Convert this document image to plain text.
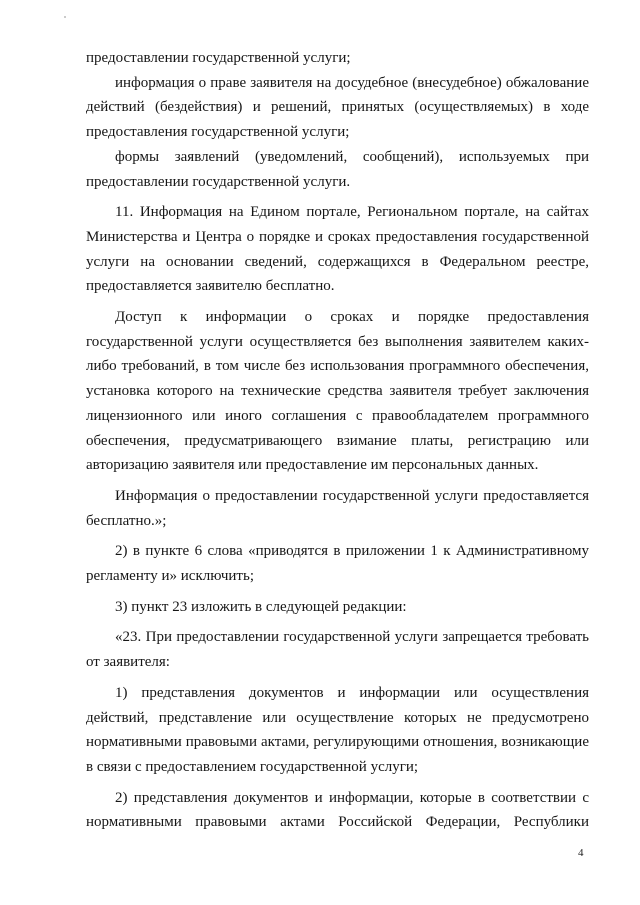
предоставлении государственной услуги;

информация о праве заявителя на досудебное (внесудебное) обжалование действий (бездействия) и решений, принятых (осуществляемых) в ходе предоставления государственной услуги;

формы заявлений (уведомлений, сообщений), используемых при предоставлении государственной услуги.

11. Информация на Едином портале, Региональном портале, на сайтах Министерства и Центра о порядке и сроках предоставления государственной услуги на основании сведений, содержащихся в Федеральном реестре, предоставляется заявителю бесплатно.

Доступ к информации о сроках и порядке предоставления государственной услуги осуществляется без выполнения заявителем каких-либо требований, в том числе без использования программного обеспечения, установка которого на технические средства заявителя требует заключения лицензионного или иного соглашения с правообладателем программного обеспечения, предусматривающего взимание платы, регистрацию или авторизацию заявителя или предоставление им персональных данных.

Информация о предоставлении государственной услуги предоставляется бесплатно.»;

2) в пункте 6 слова «приводятся в приложении 1 к Административному регламенту и» исключить;

3) пункт 23 изложить в следующей редакции:

«23. При предоставлении государственной услуги запрещается требовать от заявителя:

1) представления документов и информации или осуществления действий, представление или осуществление которых не предусмотрено нормативными правовыми актами, регулирующими отношения, возникающие в связи с предоставлением государственной услуги;

2) представления документов и информации, которые в соответствии с нормативными правовыми актами Российской Федерации, Республики

4
